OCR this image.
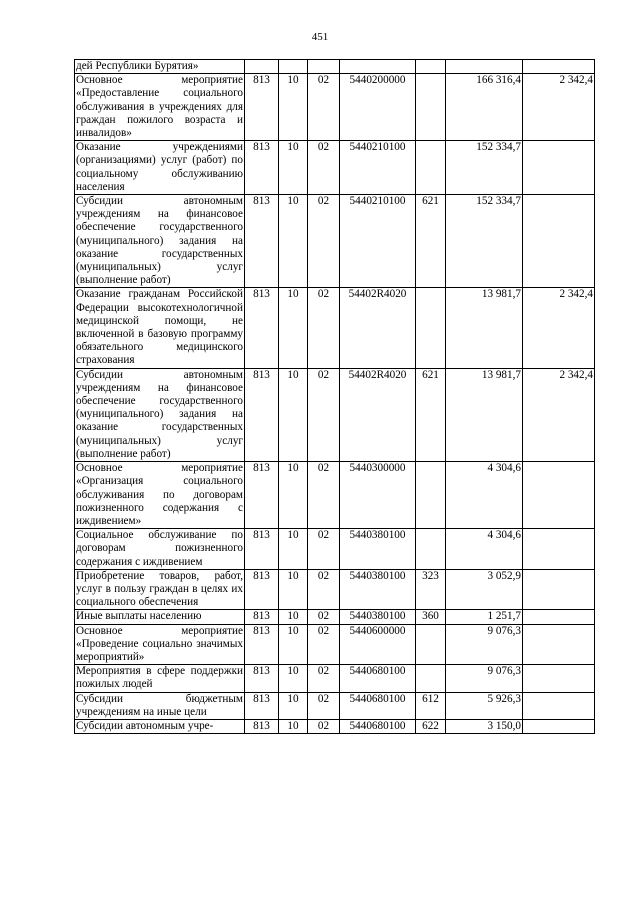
451
дей Республики Бурятия»							
Основное мероприятие «Предоставление социального обслуживания в учреждениях для граждан пожилого возраста и инвалидов»	813	10	02	5440200000		166 316,4	2 342,4
Оказание учреждениями (организациями) услуг (работ) по социальному обслуживанию населения	813	10	02	5440210100		152 334,7	
Субсидии автономным учреждениям на финансовое обеспечение государственного (муниципального) задания на оказание государственных (муниципальных) услуг (выполнение работ)	813	10	02	5440210100	621	152 334,7	
Оказание гражданам Российской Федерации высокотехнологичной медицинской помощи, не включенной в базовую программу обязательного медицинского страхования	813	10	02	54402R4020		13 981,7	2 342,4
Субсидии автономным учреждениям на финансовое обеспечение государственного (муниципального) задания на оказание государственных (муниципальных) услуг (выполнение работ)	813	10	02	54402R4020	621	13 981,7	2 342,4
Основное мероприятие «Организация социального обслуживания по договорам пожизненного содержания с иждивением»	813	10	02	5440300000		4 304,6	
Социальное обслуживание по договорам пожизненного содержания с иждивением	813	10	02	5440380100		4 304,6	
Приобретение товаров, работ, услуг в пользу граждан в целях их социального обеспечения	813	10	02	5440380100	323	3 052,9	
Иные выплаты населению	813	10	02	5440380100	360	1 251,7	
Основное мероприятие «Проведение социально значимых мероприятий»	813	10	02	5440600000		9 076,3	
Мероприятия в сфере поддержки пожилых людей	813	10	02	5440680100		9 076,3	
Субсидии бюджетным учреждениям на иные цели	813	10	02	5440680100	612	5 926,3	
Субсидии автономным учре-	813	10	02	5440680100	622	3 150,0	
